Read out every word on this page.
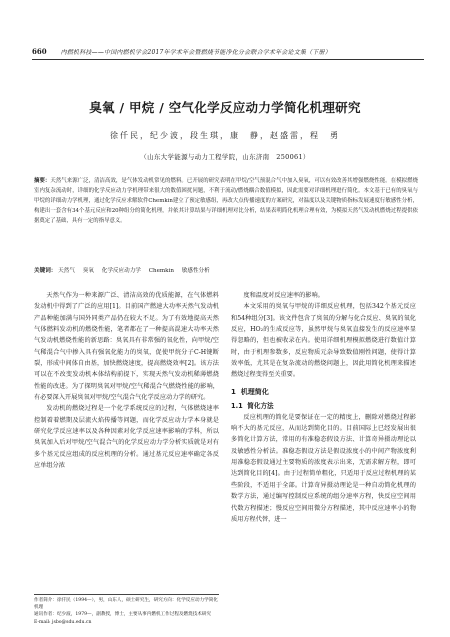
660 内燃机科技——中国内燃机学会2017年学术年会暨燃烧节能净化分会联合学术年会论文集（下册）
臭氧 / 甲烷 / 空气化学反应动力学简化机理研究
徐仟民，纪少波，段生琪，康　静，赵盛雷，程　勇
（山东大学能源与动力工程学院，山东济南　250061）
摘要：天然气来源广泛，清洁高效，是气体发动机常见的燃料。已开展的研究表明在甲烷/空气预混合气中加入臭氧，可以有效改善其增强燃烧性能。在模拟燃烧室内复杂流动时，详细的化学反应动力学机理带来很大的数值困扰问题，不利于流动/燃烧耦合数值模拟，因此需要对详细机理进行简化。本文基于已有的臭氧与甲烷的详细动力学机理，通过化学反应求解软件Chemkin建立了预定敏感组，再改大点传播速度的方案研究，对温度以及关键物质指标发展速度行敏感性分析，构建出一套含有34个基元反应和20种组分的简化机理，并依其计算结果与详细机理对比分析，结果表明简化机理合理有效，为模拟天然气发动机燃烧过程提供依据奠定了基础，具有一定的指导意义。
关键词： 天然气 臭氧 化学反应动力学 Chemkin 敏感性分析

天然气作为一种来源广泛、清洁高效的优质能源，在气体燃料发动机中得到了广泛的应用[1]。目前国产燃速大功率天然气发动机产品种能加满与国外同类产品仍在较大不足。为了有效地提高天然气体燃料发动机的燃烧性能，笔者都在了一种提高混速大功率天然气发动机燃烧性能的新思路：臭氧具有非常强的氧化性，向甲烷/空气稀混合气中掺入具有强氧化能力的臭氧，促使甲烷分子C-H键断裂，形成中间体自由基，加快燃烧速度，提高燃烧效率[2]。该方法可以在不改变发动机本体结构前提下，实现天然气发动机稀薄燃烧性能的改进。为了探明臭氧对甲烷/空气稀混合气燃烧性能的影响，有必要深入开展臭氧对甲烷/空气混合气化学反应动力学的研究。

发动机的燃烧过程是一个化学系统反应的过程，气体燃烧速率控制着着燃期及层流火焰传播等问题，而化学反应动力学本身就是研究化学反应速率以及各种因素对化学反应速率影响的学科，所以臭氧加入后对甲烷/空气混合气的化学反应动力学分析实质就是对有多个基元反应组成的反应机理的分析。通过基元反应速率确定各反应单组分浓

度和温度对反应速率的影响。

本文采用的臭氧与甲烷的详细反应机理，包括342个基元反应和54种组分[3]。该文件包含了臭氧的分解与化合反应、臭氧的氧化反应，HO₂的生成反应等，虽然甲烷与臭氧直接发生的反应速率显得忽略的，但也被收录在内。使用详细机理模拟燃烧进行数值计算时，由于机理参数多，反应物质元杂导致数值刚性问题，使得计算效率低，尤其是在复杂流动的燃烧问题上，因此用简化机理来描述燃烧过程变得至关重要。

1 机理简化
1.1 简化方法

反应机理的简化是要保证在一定的精度上，删除对燃烧过程影响不大的基元反应，从而达到简化目的。目前国际上已经发展出很多简化计算方法，常用的有准稳态假设方法、计算奇异摄动理论以及敏感性分析法。准稳态假设方法是假设浓度小的中间产物浓度利用准稳态假设通过主要物质的浓度表示出来，无需求解方程，即可达到简化目的[4]。由于过程简单粗化，只适用于反应过程机理的某些阶段，不适用于全部。计算奇异摄动理论是一种自动简化机理的数学方法，通过编写控制反应系统的组分速率方程，快反应空间用代数方程描述；慢反应空间用微分方程描述，其中反应速率小的物质用方程代替，进一

作者简介：徐仟民（1994—），男，山东人，硕士研究生，研究方向：化学反应动力学简化机理
通讯作者：纪少波，1979—，副教授，博士，主要从事内燃机工作过程及燃烧技术研究
E-mail: jsbo@sdu.edu.cn
